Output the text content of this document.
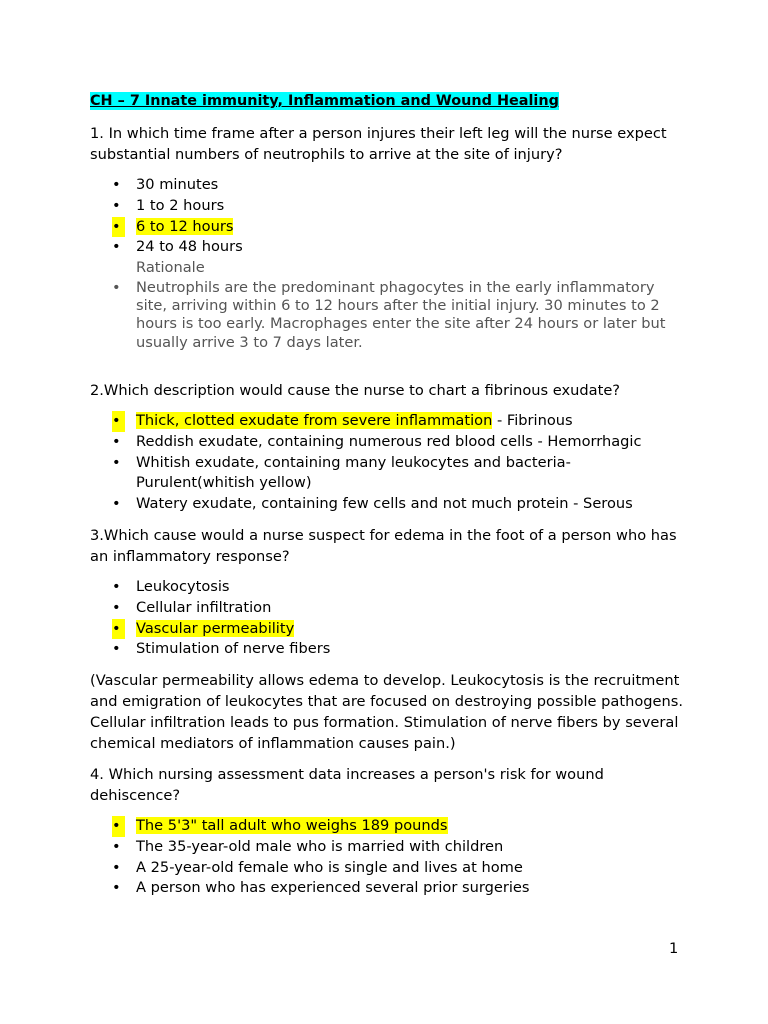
CH – 7 Innate immunity, Inflammation and Wound Healing
1. In which time frame after a person injures their left leg will the nurse expect substantial numbers of neutrophils to arrive at the site of injury?
• 30 minutes
• 1 to 2 hours
• 6 to 12 hours
• 24 to 48 hours
Rationale
• Neutrophils are the predominant phagocytes in the early inflammatory site, arriving within 6 to 12 hours after the initial injury. 30 minutes to 2 hours is too early. Macrophages enter the site after 24 hours or later but usually arrive 3 to 7 days later.
2.Which description would cause the nurse to chart a fibrinous exudate?
• Thick, clotted exudate from severe inflammation - Fibrinous
• Reddish exudate, containing numerous red blood cells - Hemorrhagic
• Whitish exudate, containing many leukocytes and bacteria- Purulent(whitish yellow)
• Watery exudate, containing few cells and not much protein - Serous
3.Which cause would a nurse suspect for edema in the foot of a person who has an inflammatory response?
• Leukocytosis
• Cellular infiltration
• Vascular permeability
• Stimulation of nerve fibers
(Vascular permeability allows edema to develop. Leukocytosis is the recruitment and emigration of leukocytes that are focused on destroying possible pathogens. Cellular infiltration leads to pus formation. Stimulation of nerve fibers by several chemical mediators of inflammation causes pain.)
4. Which nursing assessment data increases a person's risk for wound dehiscence?
• The 5'3" tall adult who weighs 189 pounds
• The 35-year-old male who is married with children
• A 25-year-old female who is single and lives at home
• A person who has experienced several prior surgeries
1
